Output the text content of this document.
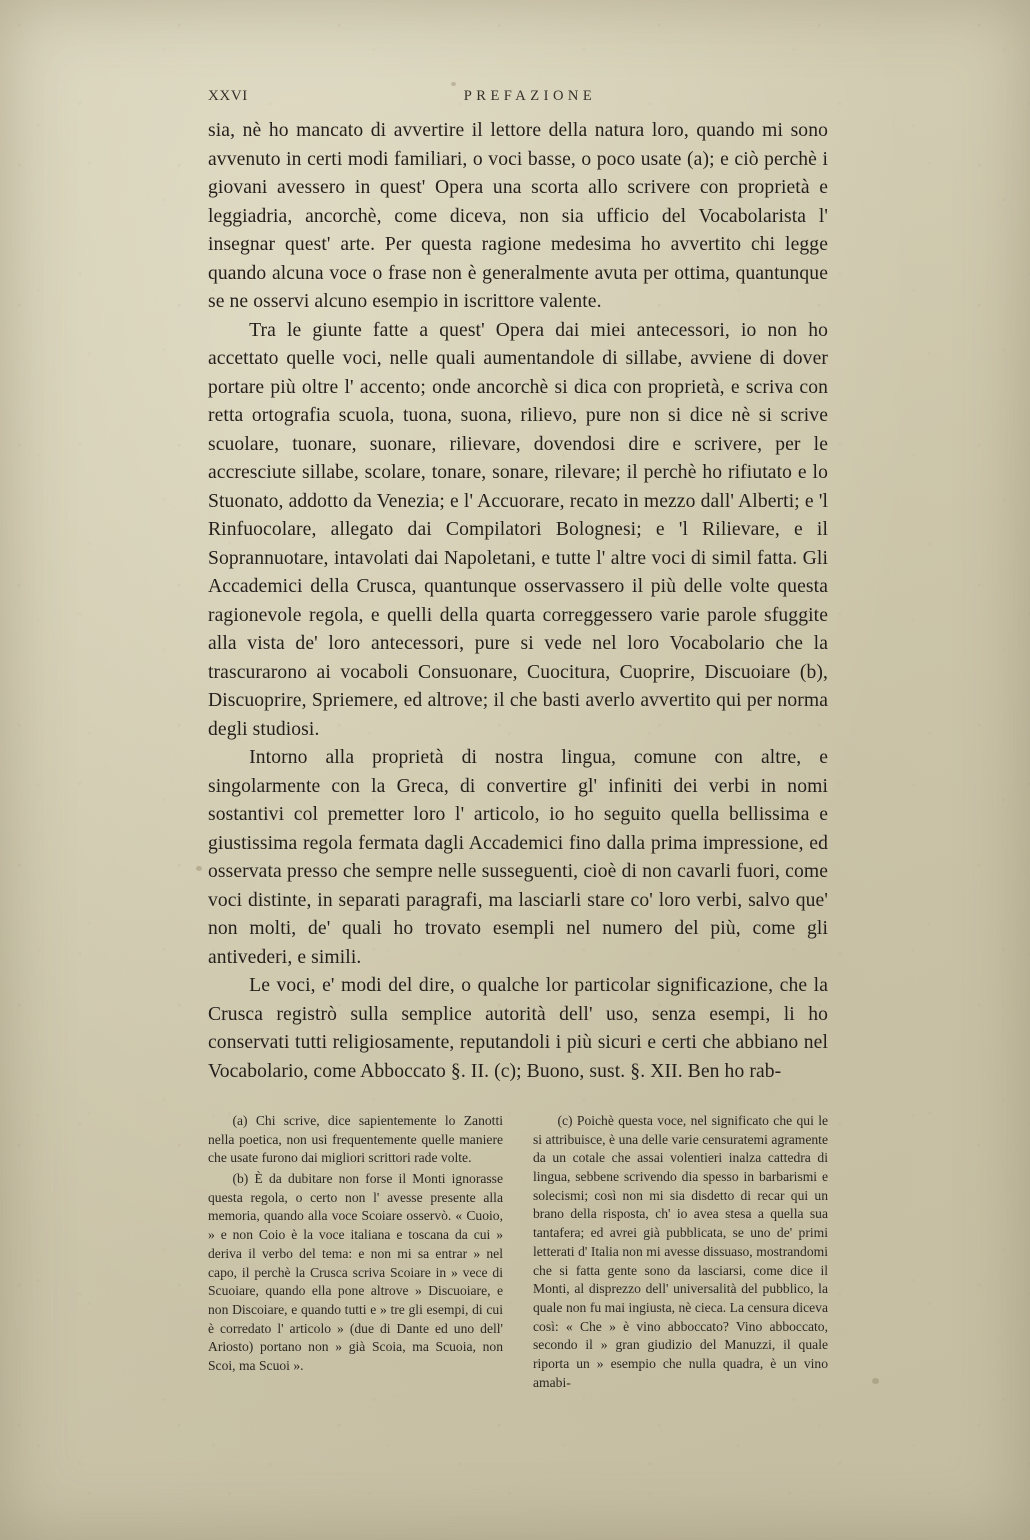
XXVI	PREFAZIONE

sia, nè ho mancato di avvertire il lettore della natura loro, quando mi sono avvenuto in certi modi familiari, o voci basse, o poco usate (a); e ciò perchè i giovani avessero in quest' Opera una scorta allo scrivere con proprietà e leggiadria, ancorchè, come diceva, non sia ufficio del Vocabolarista l' insegnar quest' arte. Per questa ragione medesima ho avvertito chi legge quando alcuna voce o frase non è generalmente avuta per ottima, quantunque se ne osservi alcuno esempio in iscrittore valente.

Tra le giunte fatte a quest' Opera dai miei antecessori, io non ho accettato quelle voci, nelle quali aumentandole di sillabe, avviene di dover portare più oltre l' accento; onde ancorchè si dica con proprietà, e scriva con retta ortografia scuola, tuona, suona, rilievo, pure non si dice nè si scrive scuolare, tuonare, suonare, rilievare, dovendosi dire e scrivere, per le accresciute sillabe, scolare, tonare, sonare, rilevare; il perchè ho rifiutato e lo Stuonato, addotto da Venezia; e l' Accuorare, recato in mezzo dall' Alberti; e 'l Rinfuocolare, allegato dai Compilatori Bolognesi; e 'l Rilievare, e il Soprannuotare, intavolati dai Napoletani, e tutte l' altre voci di simil fatta. Gli Accademici della Crusca, quantunque osservassero il più delle volte questa ragionevole regola, e quelli della quarta correggessero varie parole sfuggite alla vista de' loro antecessori, pure si vede nel loro Vocabolario che la trascurarono ai vocaboli Consuonare, Cuocitura, Cuoprire, Discuoiare (b), Discuoprire, Spriemere, ed altrove; il che basti averlo avvertito qui per norma degli studiosi.

Intorno alla proprietà di nostra lingua, comune con altre, e singolarmente con la Greca, di convertire gl' infiniti dei verbi in nomi sostantivi col premetter loro l' articolo, io ho seguito quella bellissima e giustissima regola fermata dagli Accademici fino dalla prima impressione, ed osservata presso che sempre nelle susseguenti, cioè di non cavarli fuori, come voci distinte, in separati paragrafi, ma lasciarli stare co' loro verbi, salvo que' non molti, de' quali ho trovato esempli nel numero del più, come gli antivederi, e simili.

Le voci, e' modi del dire, o qualche lor particolar significazione, che la Crusca registrò sulla semplice autorità dell' uso, senza esempi, li ho conservati tutti religiosamente, reputandoli i più sicuri e certi che abbiano nel Vocabolario, come Abboccato §. II. (c); Buono, sust. §. XII. Ben ho rab-

(a) Chi scrive, dice sapientemente lo Zanotti nella poetica, non usi frequentemente quelle maniere che usate furono dai migliori scrittori rade volte.

(b) È da dubitare non forse il Monti ignorasse questa regola, o certo non l' avesse presente alla memoria, quando alla voce Scoiare osservò. « Cuoio, » e non Coio è la voce italiana e toscana da cui » deriva il verbo del tema: e non mi sa entrar » nel capo, il perchè la Crusca scriva Scoiare in » vece di Scuoiare, quando ella pone altrove » Discuoiare, e non Discoiare, e quando tutti e » tre gli esempi, di cui è corredato l' articolo » (due di Dante ed uno dell' Ariosto) portano non » già Scoia, ma Scuoia, non Scoi, ma Scuoi ».

(c) Poichè questa voce, nel significato che qui le si attribuisce, è una delle varie censuratemi agramente da un cotale che assai volentieri inalza cattedra di lingua, sebbene scrivendo dia spesso in barbarismi e solecismi; così non mi sia disdetto di recar qui un brano della risposta, ch' io avea stesa a quella sua tantafera; ed avrei già pubblicata, se uno de' primi letterati d' Italia non mi avesse dissuaso, mostrandomi che si fatta gente sono da lasciarsi, come dice il Monti, al disprezzo dell' universalità del pubblico, la quale non fu mai ingiusta, nè cieca. La censura diceva così: « Che » è vino abboccato? Vino abboccato, secondo il » gran giudizio del Manuzzi, il quale riporta un » esempio che nulla quadra, è un vino amabi-
